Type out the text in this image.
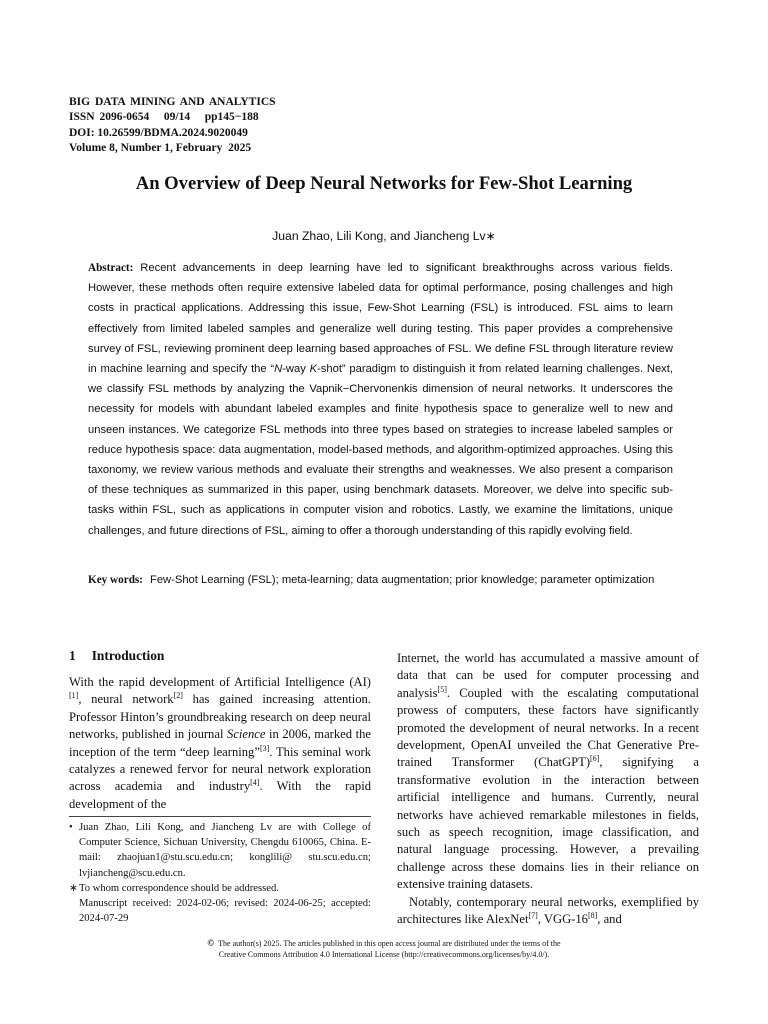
BIG DATA MINING AND ANALYTICS
ISSN 2096-0654   09/14   pp145−188
DOI: 10.26599/BDMA.2024.9020049
Volume 8, Number 1, February  2025
An Overview of Deep Neural Networks for Few-Shot Learning
Juan Zhao, Lili Kong, and Jiancheng Lv∗
Abstract: Recent advancements in deep learning have led to significant breakthroughs across various fields. However, these methods often require extensive labeled data for optimal performance, posing challenges and high costs in practical applications. Addressing this issue, Few-Shot Learning (FSL) is introduced. FSL aims to learn effectively from limited labeled samples and generalize well during testing. This paper provides a comprehensive survey of FSL, reviewing prominent deep learning based approaches of FSL. We define FSL through literature review in machine learning and specify the “N-way K-shot” paradigm to distinguish it from related learning challenges. Next, we classify FSL methods by analyzing the Vapnik−Chervonenkis dimension of neural networks. It underscores the necessity for models with abundant labeled examples and finite hypothesis space to generalize well to new and unseen instances. We categorize FSL methods into three types based on strategies to increase labeled samples or reduce hypothesis space: data augmentation, model-based methods, and algorithm-optimized approaches. Using this taxonomy, we review various methods and evaluate their strengths and weaknesses. We also present a comparison of these techniques as summarized in this paper, using benchmark datasets. Moreover, we delve into specific sub-tasks within FSL, such as applications in computer vision and robotics. Lastly, we examine the limitations, unique challenges, and future directions of FSL, aiming to offer a thorough understanding of this rapidly evolving field.
Key words: Few-Shot Learning (FSL); meta-learning; data augmentation; prior knowledge; parameter optimization
1 Introduction

With the rapid development of Artificial Intelligence (AI)[1], neural network[2] has gained increasing attention. Professor Hinton’s groundbreaking research on deep neural networks, published in journal Science in 2006, marked the inception of the term “deep learning”[3]. This seminal work catalyzes a renewed fervor for neural network exploration across academia and industry[4]. With the rapid development of the

• Juan Zhao, Lili Kong, and Jiancheng Lv are with College of Computer Science, Sichuan University, Chengdu 610065, China. E-mail: zhaojuan1@stu.scu.edu.cn; konglili@ stu.scu.edu.cn; lvjiancheng@scu.edu.cn.
∗ To whom correspondence should be addressed.
Manuscript received: 2024-02-06; revised: 2024-06-25; accepted: 2024-07-29

Internet, the world has accumulated a massive amount of data that can be used for computer processing and analysis[5]. Coupled with the escalating computational prowess of computers, these factors have significantly promoted the development of neural networks. In a recent development, OpenAI unveiled the Chat Generative Pre-trained Transformer (ChatGPT)[6], signifying a transformative evolution in the interaction between artificial intelligence and humans. Currently, neural networks have achieved remarkable milestones in fields, such as speech recognition, image classification, and natural language processing. However, a prevailing challenge across these domains lies in their reliance on extensive training datasets.

Notably, contemporary neural networks, exemplified by architectures like AlexNet[7], VGG-16[8], and

© The author(s) 2025. The articles published in this open access journal are distributed under the terms of the
Creative Commons Attribution 4.0 International License (http://creativecommons.org/licenses/by/4.0/).
